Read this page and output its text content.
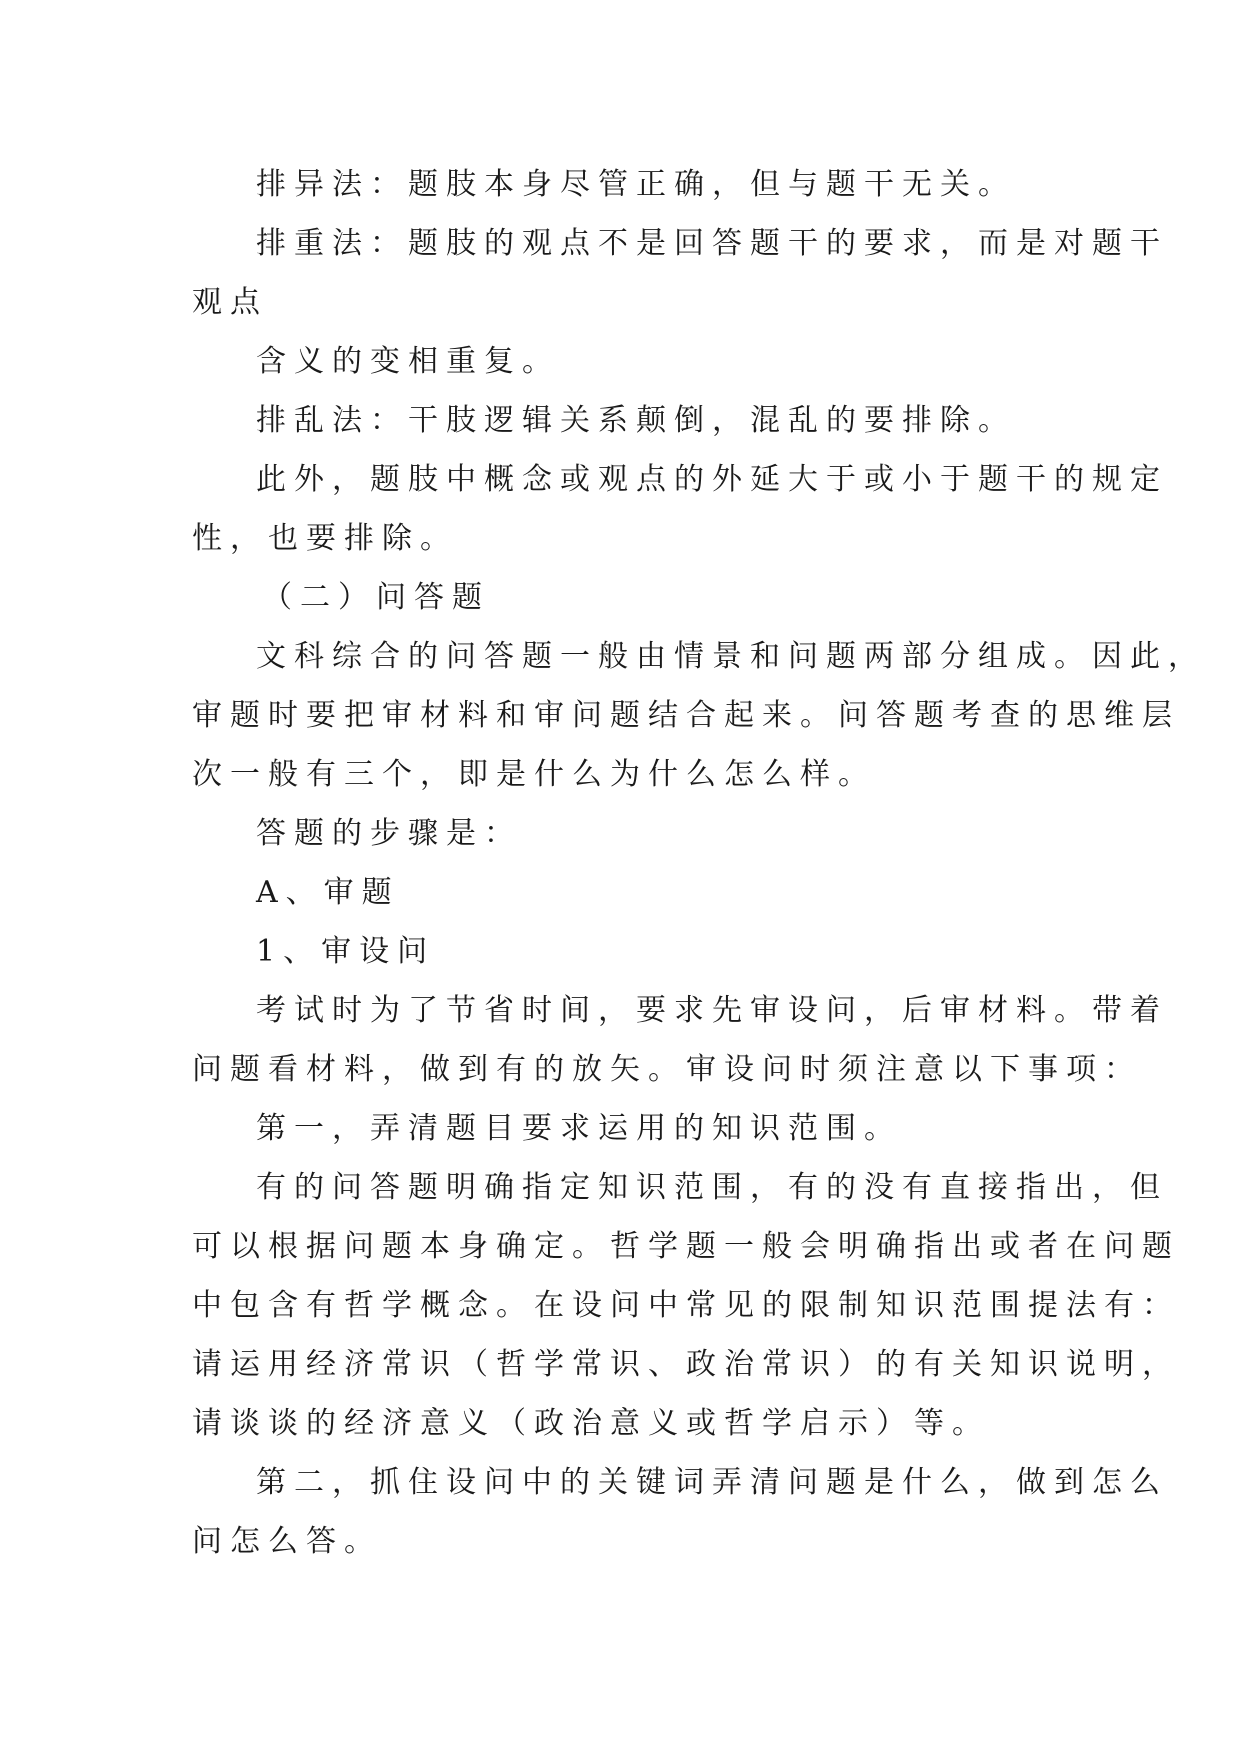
排异法：题肢本身尽管正确，但与题干无关。

排重法：题肢的观点不是回答题干的要求，而是对题干

观点

含义的变相重复。

排乱法：干肢逻辑关系颠倒，混乱的要排除。

此外，题肢中概念或观点的外延大于或小于题干的规定

性，也要排除。

（二）问答题

文科综合的问答题一般由情景和问题两部分组成。因此，

审题时要把审材料和审问题结合起来。问答题考查的思维层

次一般有三个，即是什么为什么怎么样。

答题的步骤是：

A、审题

1、审设问

考试时为了节省时间，要求先审设问，后审材料。带着

问题看材料，做到有的放矢。审设问时须注意以下事项：

第一，弄清题目要求运用的知识范围。

有的问答题明确指定知识范围，有的没有直接指出，但

可以根据问题本身确定。哲学题一般会明确指出或者在问题

中包含有哲学概念。在设问中常见的限制知识范围提法有：

请运用经济常识（哲学常识、政治常识）的有关知识说明，

请谈谈的经济意义（政治意义或哲学启示）等。

第二，抓住设问中的关键词弄清问题是什么，做到怎么

问怎么答。
